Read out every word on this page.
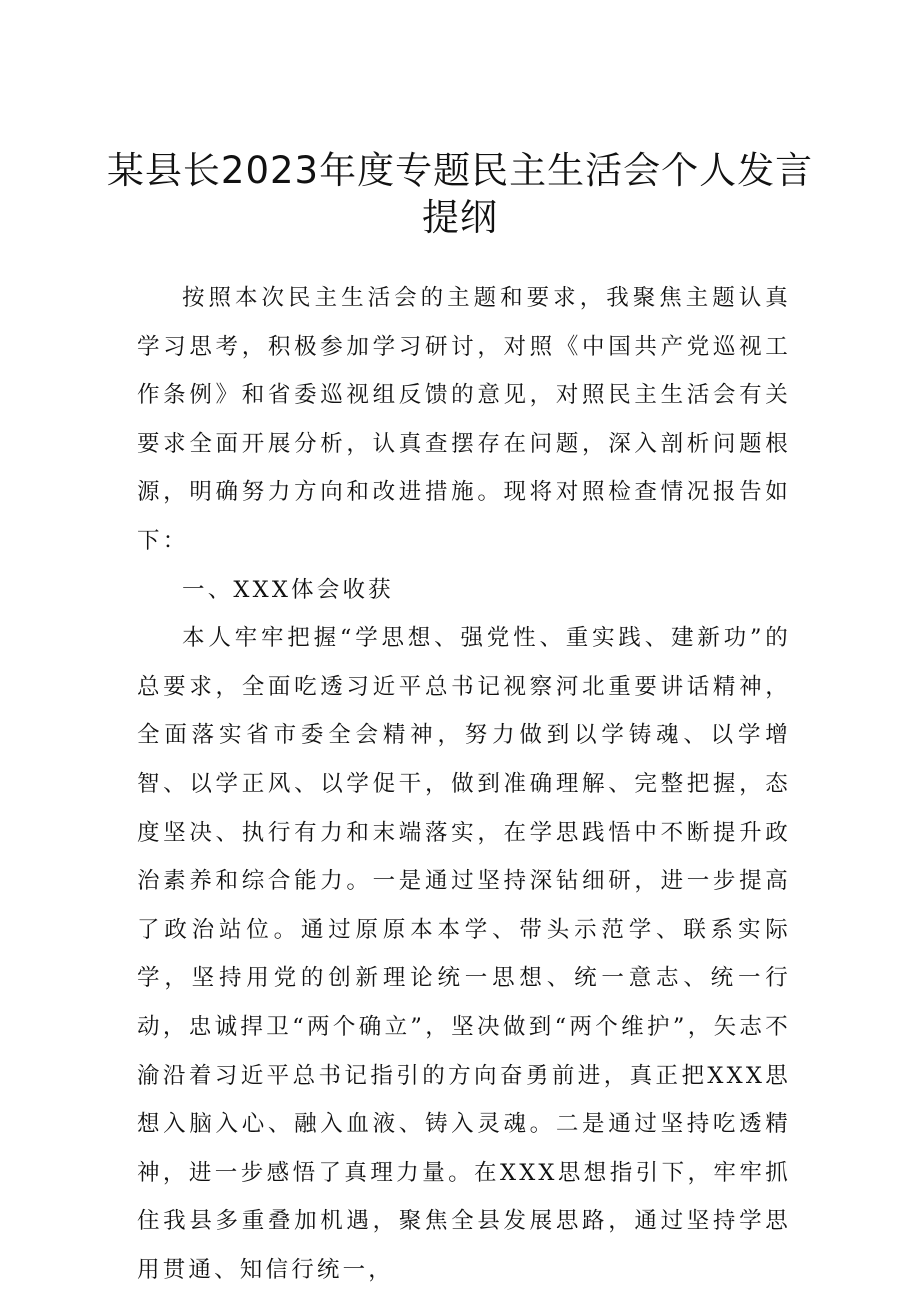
某县长2023年度专题民主生活会个人发言
提纲

按照本次民主生活会的主题和要求，我聚焦主题认真学习思考，积极参加学习研讨，对照《中国共产党巡视工作条例》和省委巡视组反馈的意见，对照民主生活会有关要求全面开展分析，认真查摆存在问题，深入剖析问题根源，明确努力方向和改进措施。现将对照检查情况报告如下：

一、XXX体会收获

本人牢牢把握“学思想、强党性、重实践、建新功”的总要求，全面吃透习近平总书记视察河北重要讲话精神，全面落实省市委全会精神，努力做到以学铸魂、以学增智、以学正风、以学促干，做到准确理解、完整把握，态度坚决、执行有力和末端落实，在学思践悟中不断提升政治素养和综合能力。一是通过坚持深钻细研，进一步提高了政治站位。通过原原本本学、带头示范学、联系实际学，坚持用党的创新理论统一思想、统一意志、统一行动，忠诚捍卫“两个确立”，坚决做到“两个维护”，矢志不渝沿着习近平总书记指引的方向奋勇前进，真正把XXX思想入脑入心、融入血液、铸入灵魂。二是通过坚持吃透精神，进一步感悟了真理力量。在XXX思想指引下，牢牢抓住我县多重叠加机遇，聚焦全县发展思路，通过坚持学思用贯通、知信行统一，
